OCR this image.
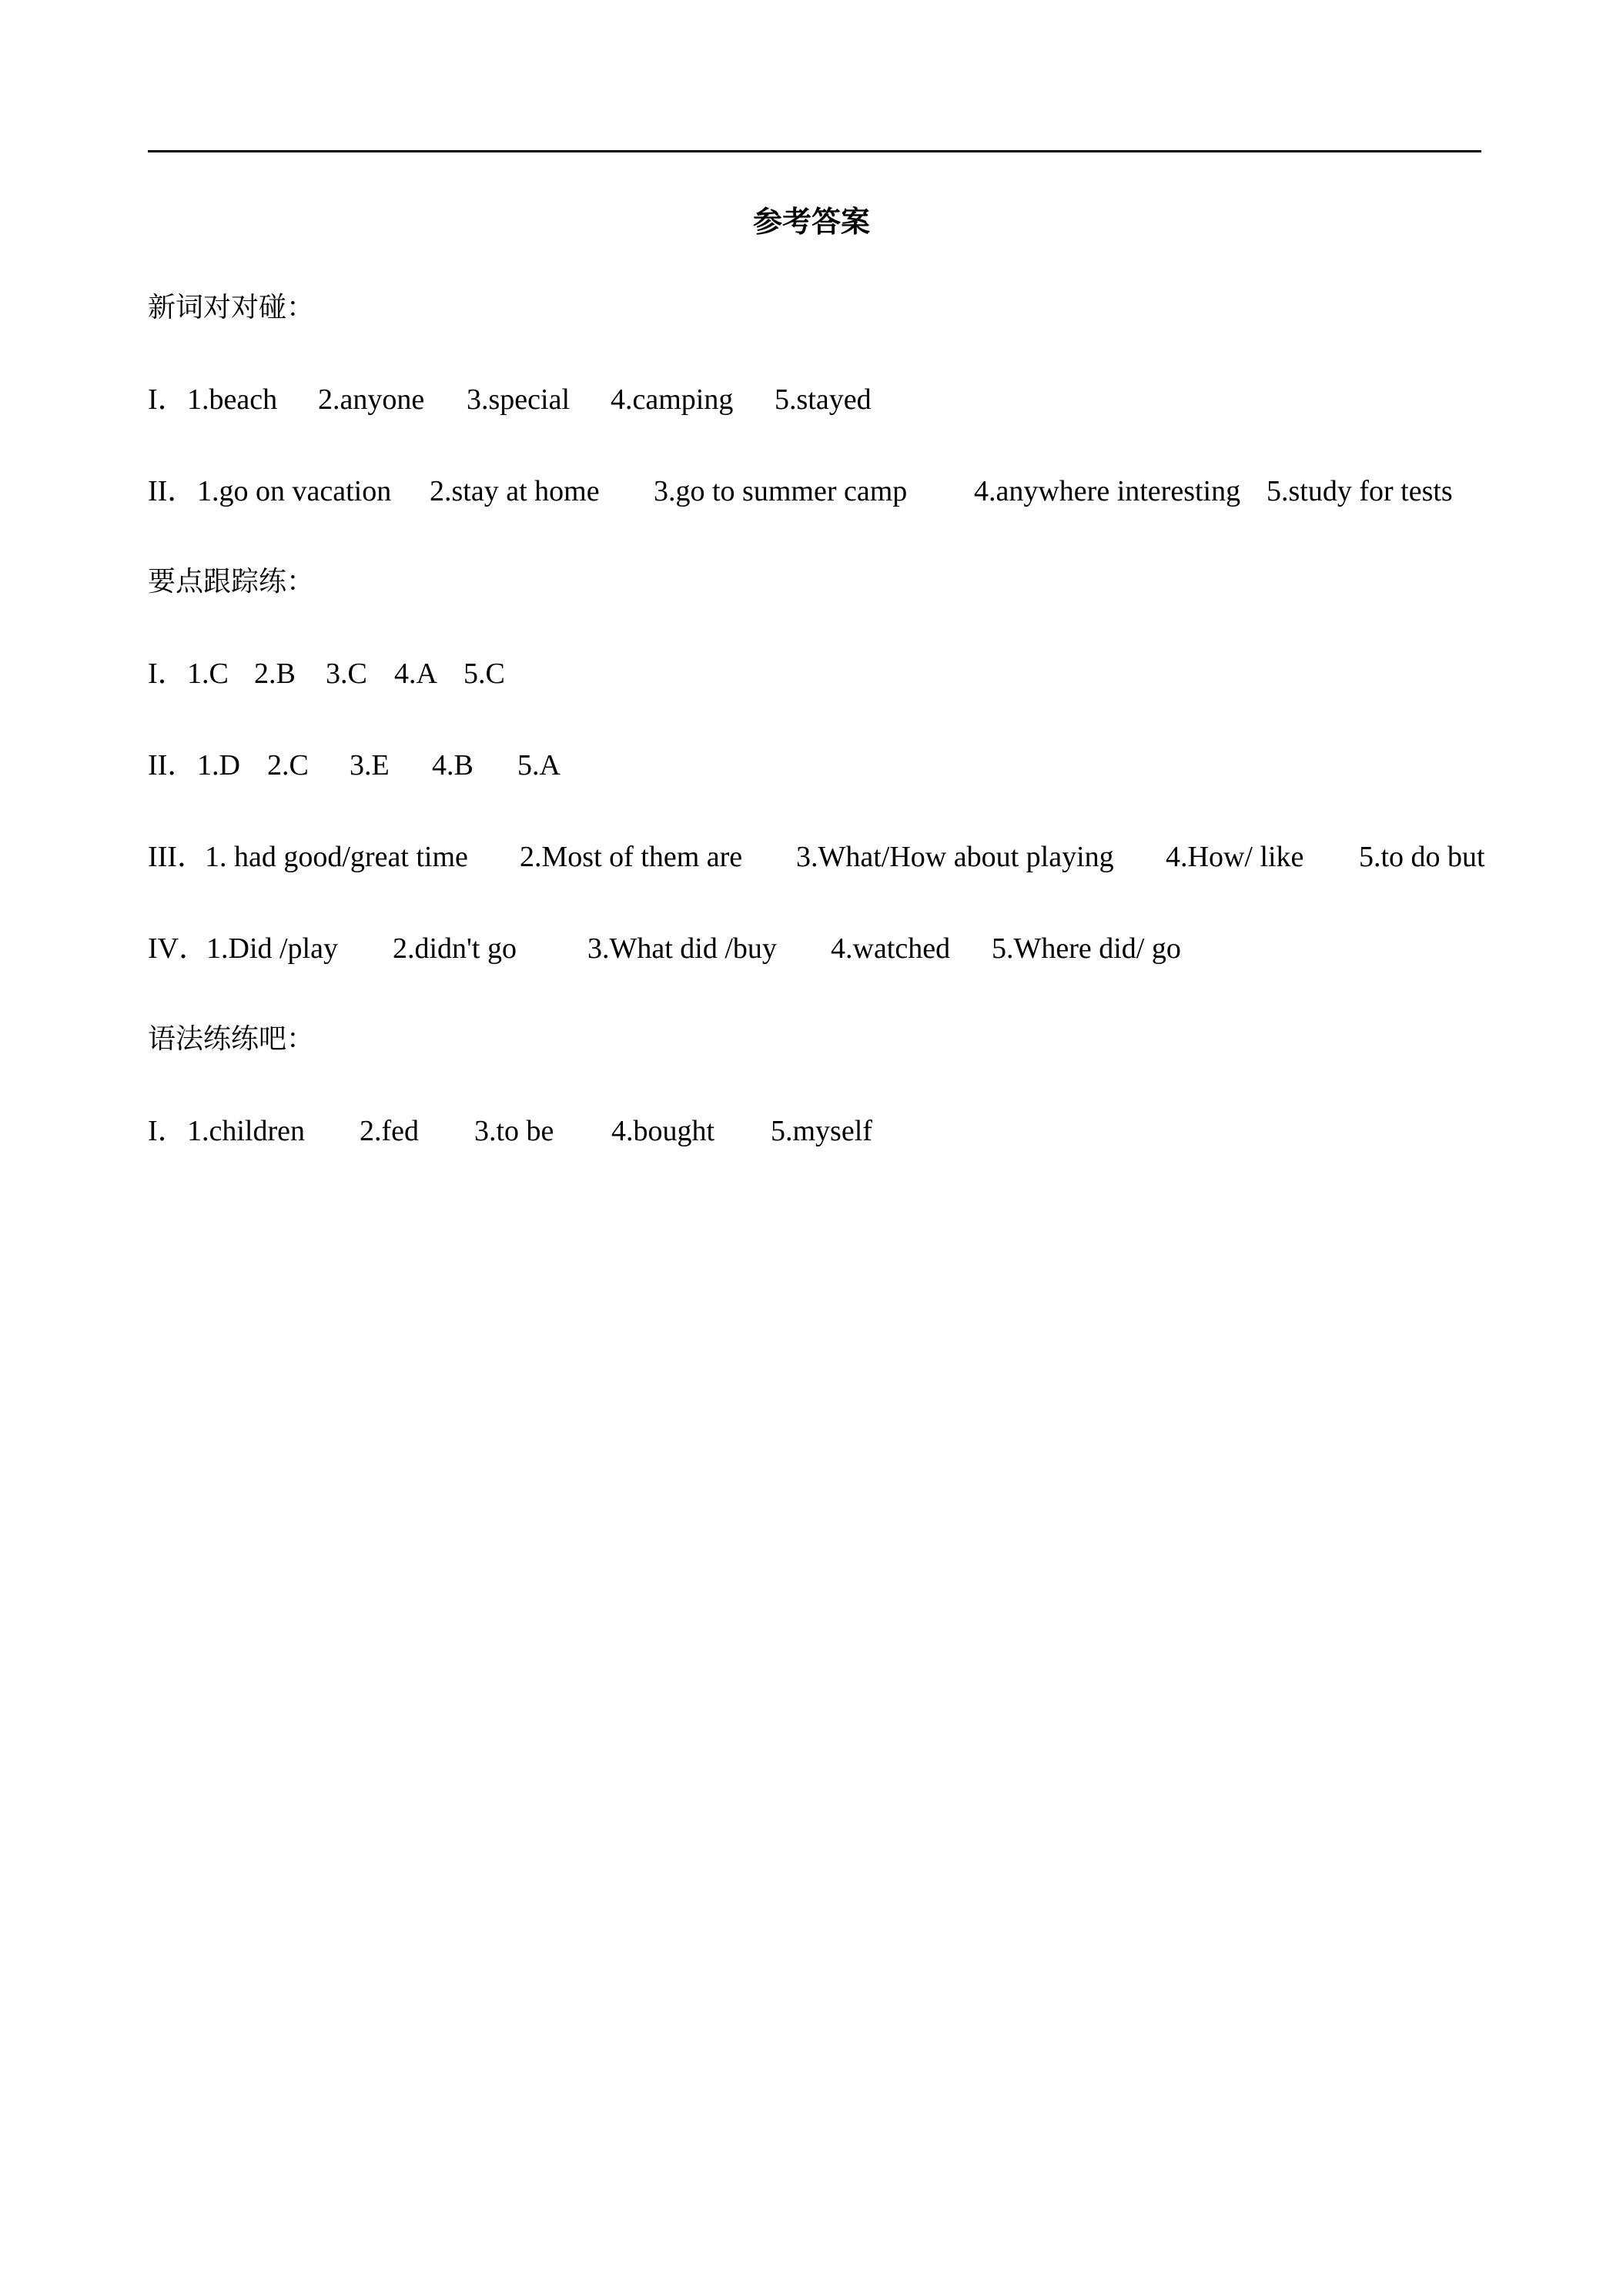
参考答案
新词对对碰：
I． 1.beach 2.anyone 3.special 4.camping 5.stayed
II． 1.go on vacation 2.stay at home 3.go to summer camp 4.anywhere interesting 5.study for tests
要点跟踪练：
I． 1.C 2.B 3.C 4.A 5.C
II． 1.D 2.C 3.E 4.B 5.A
III．
1. had good/great time 2.Most of them are 3.What/How about playing 4.How/ like 5.to do but
IV．
1.Did /play 2.didn't go 3.What did /buy 4.watched 5.Where did/ go
语法练练吧：
I． 1.children 2.fed 3.to be 4.bought 5.myself
